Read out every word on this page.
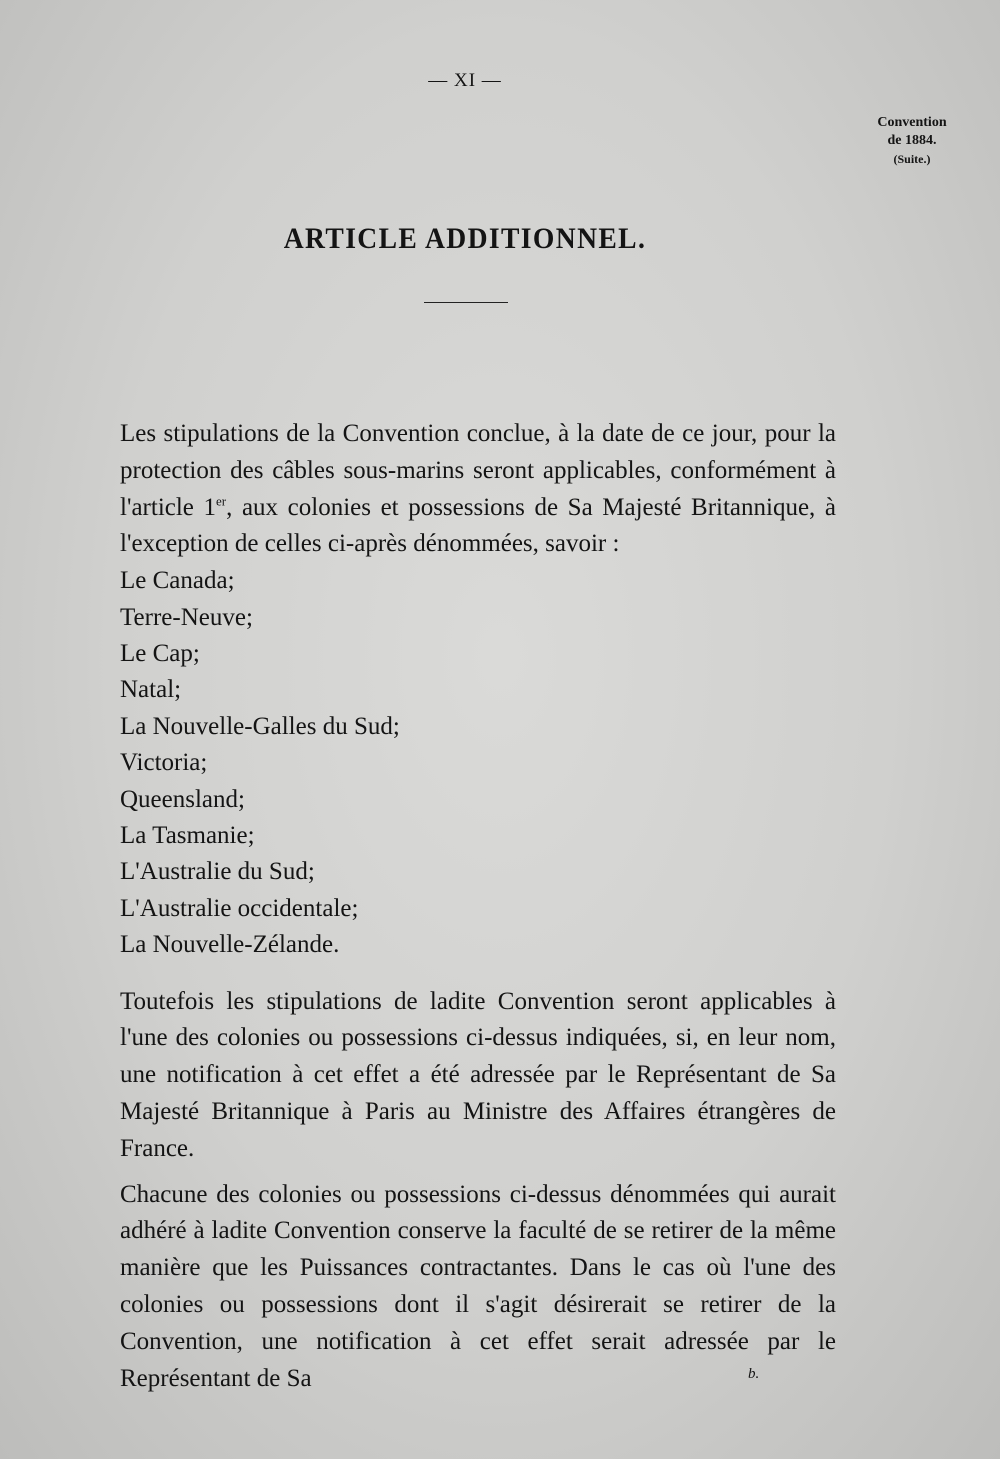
— XI —
Convention
de 1884.
(Suite.)
ARTICLE ADDITIONNEL.

Les stipulations de la Convention conclue, à la date de ce jour, pour la protection des câbles sous-marins seront applicables, conformément à l'article 1er, aux colonies et possessions de Sa Majesté Britannique, à l'exception de celles ci-après dénommées, savoir :

Le Canada;
Terre-Neuve;
Le Cap;
Natal;
La Nouvelle-Galles du Sud;
Victoria;
Queensland;
La Tasmanie;
L'Australie du Sud;
L'Australie occidentale;
La Nouvelle-Zélande.

Toutefois les stipulations de ladite Convention seront applicables à l'une des colonies ou possessions ci-dessus indiquées, si, en leur nom, une notification à cet effet a été adressée par le Représentant de Sa Majesté Britannique à Paris au Ministre des Affaires étrangères de France.

Chacune des colonies ou possessions ci-dessus dénommées qui aurait adhéré à ladite Convention conserve la faculté de se retirer de la même manière que les Puissances contractantes. Dans le cas où l'une des colonies ou possessions dont il s'agit désirerait se retirer de la Convention, une notification à cet effet serait adressée par le Représentant de Sa	b.
